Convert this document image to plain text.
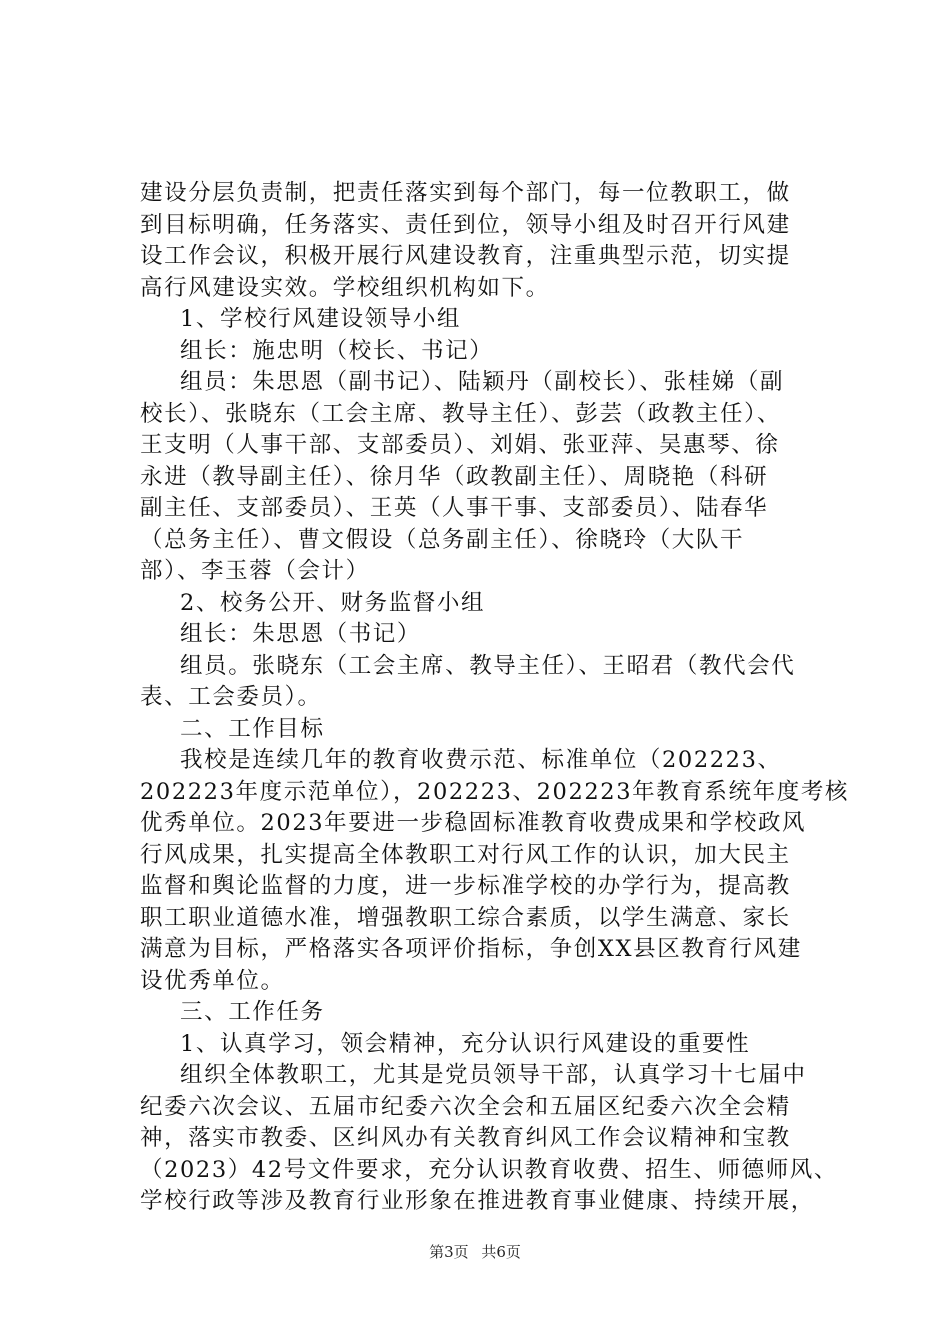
建设分层负责制，把责任落实到每个部门，每一位教职工，做
到目标明确，任务落实、责任到位，领导小组及时召开行风建
设工作会议，积极开展行风建设教育，注重典型示范，切实提
高行风建设实效。学校组织机构如下。
1、学校行风建设领导小组
组长：施忠明（校长、书记）
组员：朱思恩（副书记）、陆颖丹（副校长）、张桂娣（副
校长）、张晓东（工会主席、教导主任）、彭芸（政教主任）、
王支明（人事干部、支部委员）、刘娟、张亚萍、吴惠琴、徐
永进（教导副主任）、徐月华（政教副主任）、周晓艳（科研
副主任、支部委员）、王英（人事干事、支部委员）、陆春华
（总务主任）、曹文假设（总务副主任）、徐晓玲（大队干
部）、李玉蓉（会计）
2、校务公开、财务监督小组
组长：朱思恩（书记）
组员。张晓东（工会主席、教导主任）、王昭君（教代会代
表、工会委员）。
二、工作目标
我校是连续几年的教育收费示范、标准单位（202223、
202223年度示范单位），202223、202223年教育系统年度考核
优秀单位。2023年要进一步稳固标准教育收费成果和学校政风
行风成果，扎实提高全体教职工对行风工作的认识，加大民主
监督和舆论监督的力度，进一步标准学校的办学行为，提高教
职工职业道德水准，增强教职工综合素质，以学生满意、家长
满意为目标，严格落实各项评价指标，争创XX县区教育行风建
设优秀单位。
三、工作任务
1、认真学习，领会精神，充分认识行风建设的重要性
组织全体教职工，尤其是党员领导干部，认真学习十七届中
纪委六次会议、五届市纪委六次全会和五届区纪委六次全会精
神，落实市教委、区纠风办有关教育纠风工作会议精神和宝教
（2023）42号文件要求，充分认识教育收费、招生、师德师风、
学校行政等涉及教育行业形象在推进教育事业健康、持续开展，
第3页 共6页
